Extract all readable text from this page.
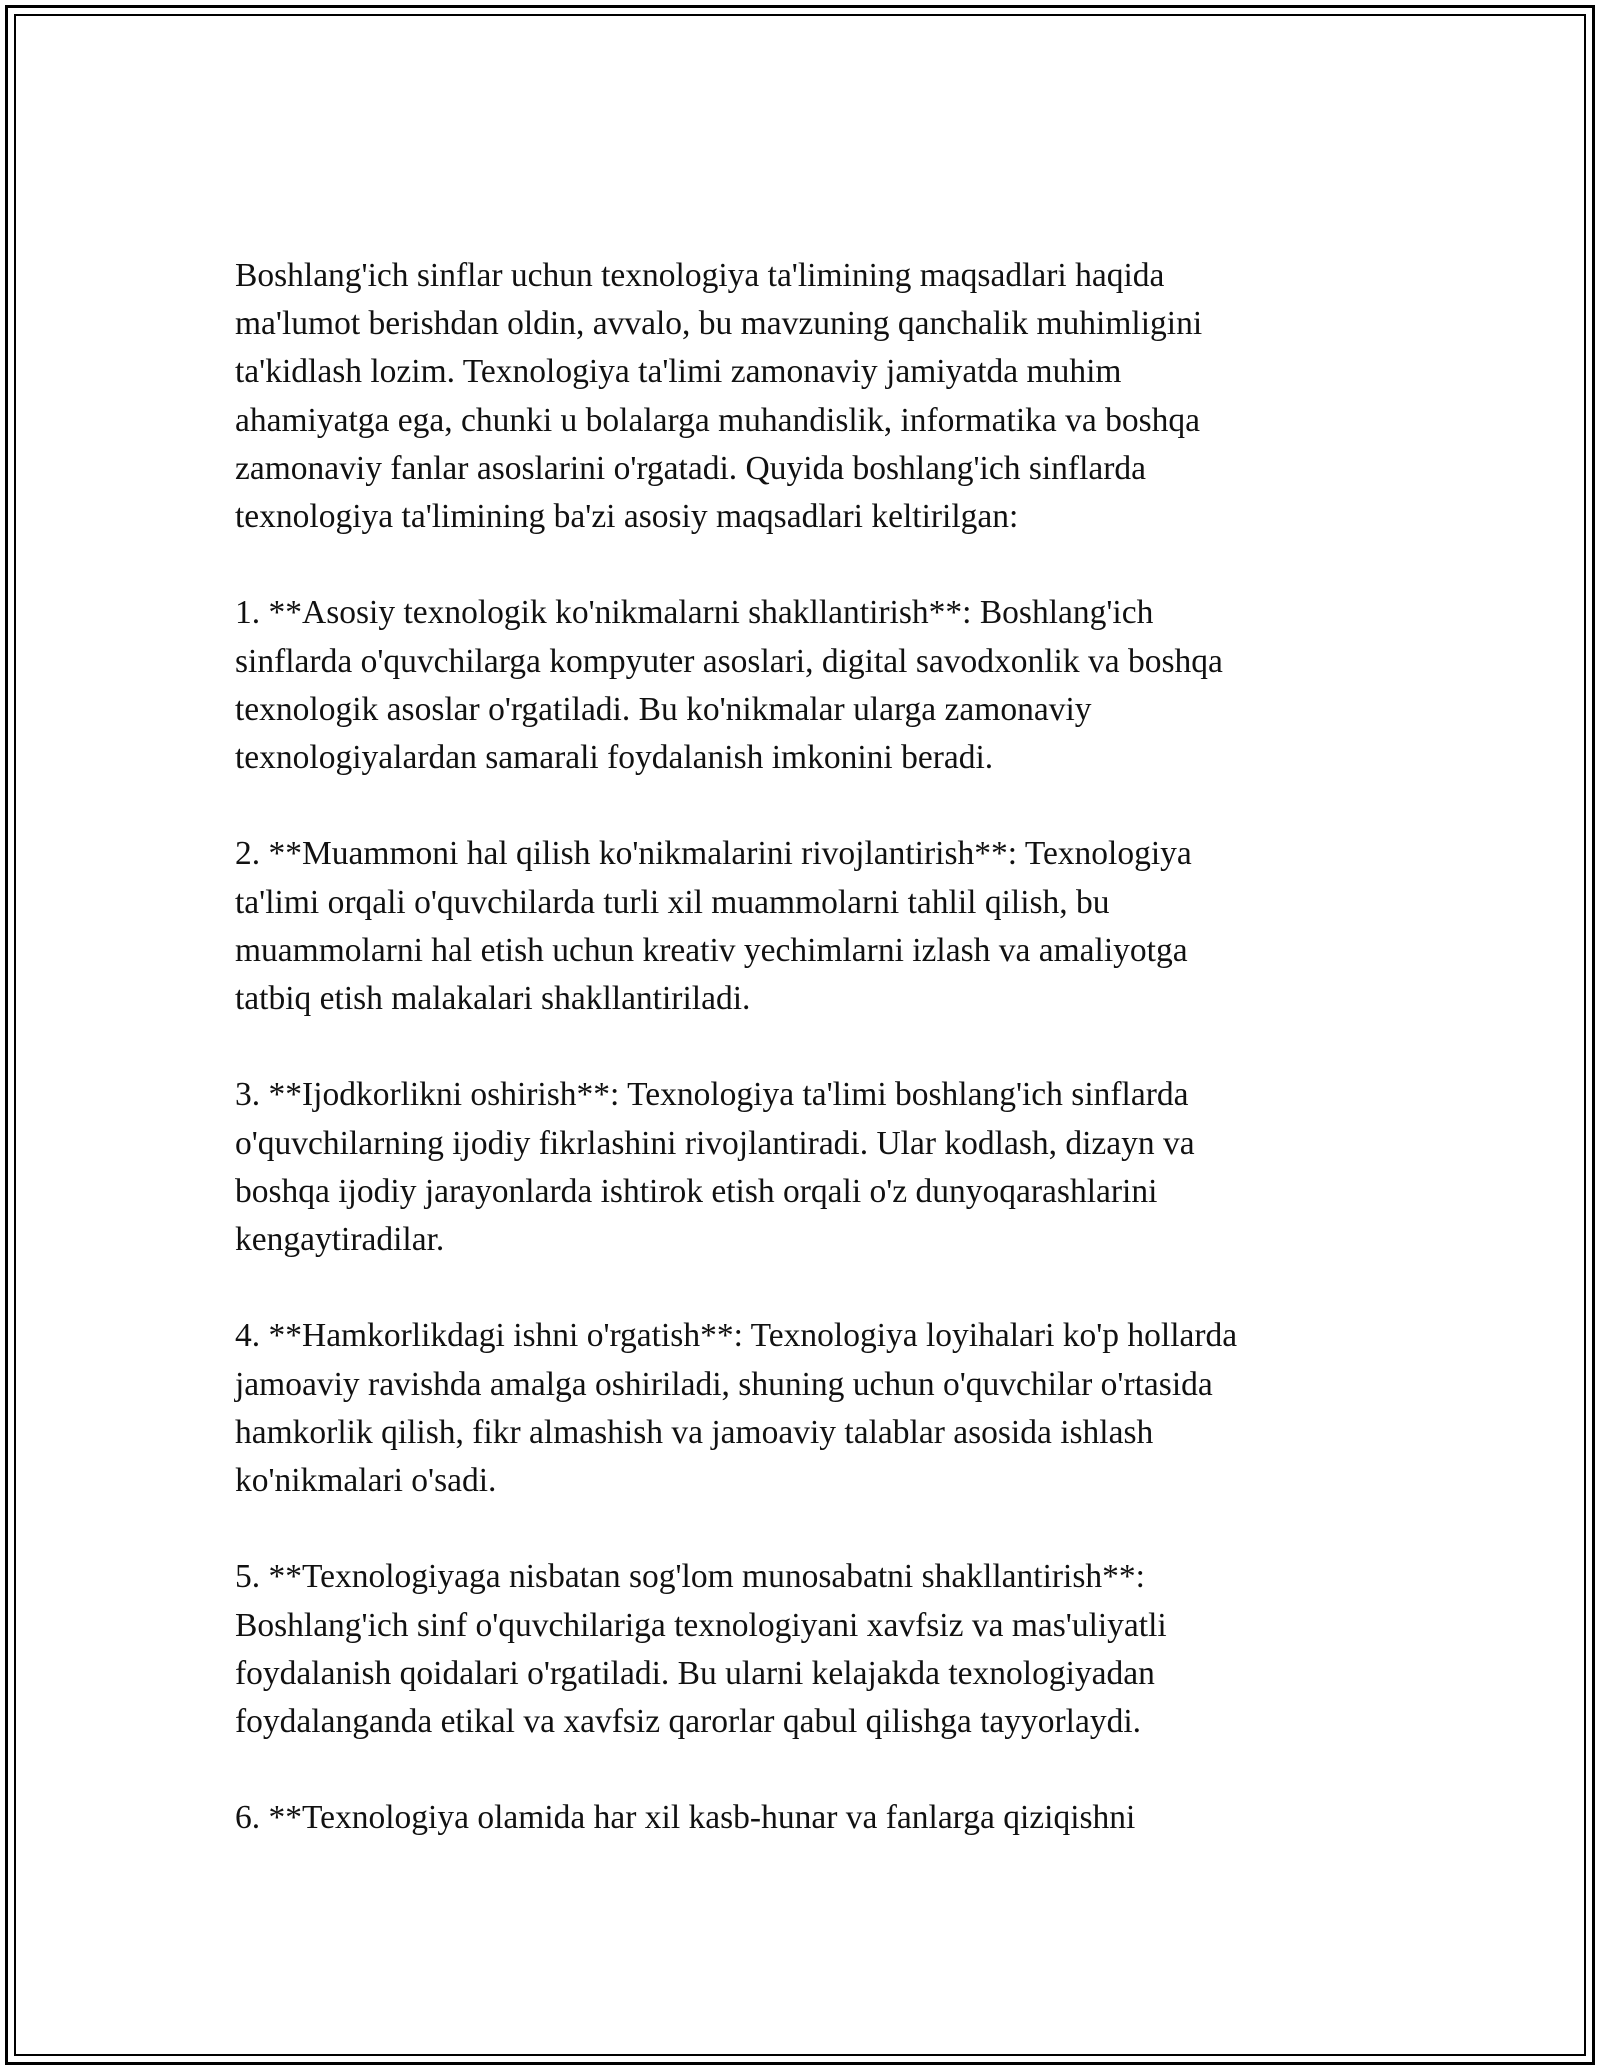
Boshlang'ich sinflar uchun texnologiya ta'limining maqsadlari haqida
ma'lumot berishdan oldin, avvalo, bu mavzuning qanchalik muhimligini
ta'kidlash lozim. Texnologiya ta'limi zamonaviy jamiyatda muhim
ahamiyatga ega, chunki u bolalarga muhandislik, informatika va boshqa
zamonaviy fanlar asoslarini o'rgatadi. Quyida boshlang'ich sinflarda
texnologiya ta'limining ba'zi asosiy maqsadlari keltirilgan:

1. **Asosiy texnologik ko'nikmalarni shakllantirish**: Boshlang'ich
sinflarda o'quvchilarga kompyuter asoslari, digital savodxonlik va boshqa
texnologik asoslar o'rgatiladi. Bu ko'nikmalar ularga zamonaviy
texnologiyalardan samarali foydalanish imkonini beradi.

2. **Muammoni hal qilish ko'nikmalarini rivojlantirish**: Texnologiya
ta'limi orqali o'quvchilarda turli xil muammolarni tahlil qilish, bu
muammolarni hal etish uchun kreativ yechimlarni izlash va amaliyotga
tatbiq etish malakalari shakllantiriladi.

3. **Ijodkorlikni oshirish**: Texnologiya ta'limi boshlang'ich sinflarda
o'quvchilarning ijodiy fikrlashini rivojlantiradi. Ular kodlash, dizayn va
boshqa ijodiy jarayonlarda ishtirok etish orqali o'z dunyoqarashlarini
kengaytiradilar.

4. **Hamkorlikdagi ishni o'rgatish**: Texnologiya loyihalari ko'p hollarda
jamoaviy ravishda amalga oshiriladi, shuning uchun o'quvchilar o'rtasida
hamkorlik qilish, fikr almashish va jamoaviy talablar asosida ishlash
ko'nikmalari o'sadi.

5. **Texnologiyaga nisbatan sog'lom munosabatni shakllantirish**:
Boshlang'ich sinf o'quvchilariga texnologiyani xavfsiz va mas'uliyatli
foydalanish qoidalari o'rgatiladi. Bu ularni kelajakda texnologiyadan
foydalanganda etikal va xavfsiz qarorlar qabul qilishga tayyorlaydi.

6. **Texnologiya olamida har xil kasb-hunar va fanlarga qiziqishni
